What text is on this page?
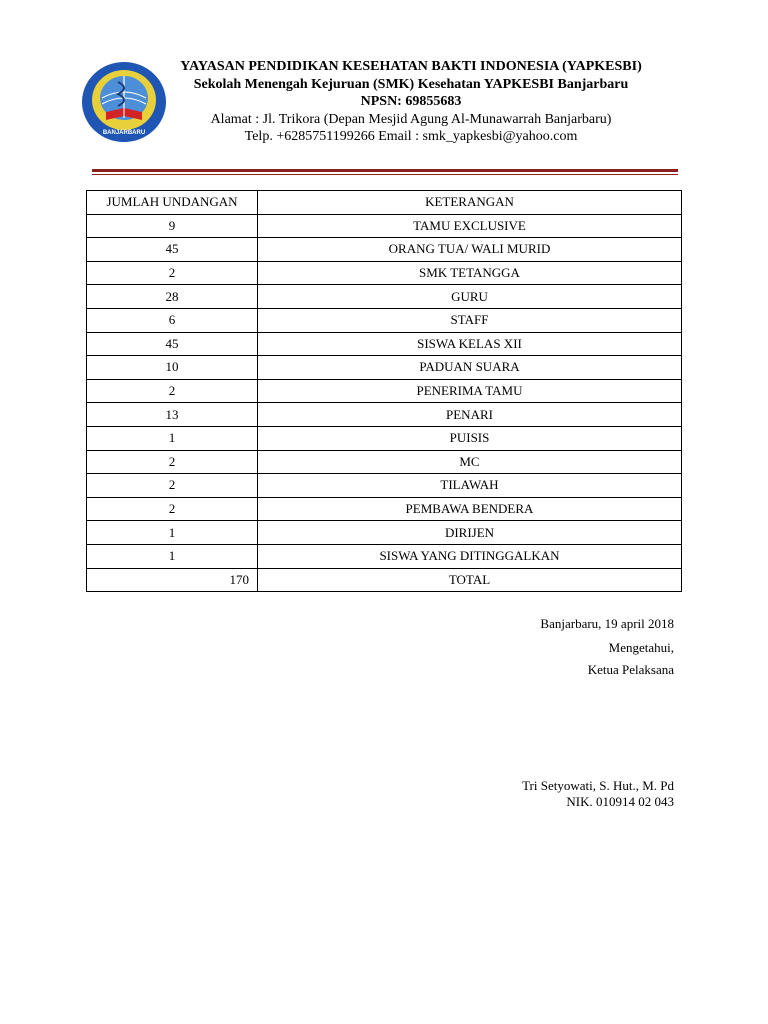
BANJARBARU
YAYASAN PENDIDIKAN KESEHATAN BAKTI INDONESIA (YAPKESBI)
Sekolah Menengah Kejuruan (SMK) Kesehatan YAPKESBI Banjarbaru
NPSN: 69855683
Alamat : Jl. Trikora (Depan Mesjid Agung Al-Munawarrah Banjarbaru)
Telp. +6285751199266 Email : smk_yapkesbi@yahoo.com
JUMLAH UNDANGAN	KETERANGAN
9	TAMU EXCLUSIVE
45	ORANG TUA/ WALI MURID
2	SMK TETANGGA
28	GURU
6	STAFF
45	SISWA KELAS XII
10	PADUAN SUARA
2	PENERIMA TAMU
13	PENARI
1	PUISIS
2	MC
2	TILAWAH
2	PEMBAWA BENDERA
1	DIRIJEN
1	SISWA YANG DITINGGALKAN
170	TOTAL
Banjarbaru, 19 april 2018
Mengetahui,
Ketua Pelaksana
Tri Setyowati, S. Hut., M. Pd
NIK. 010914 02 043
